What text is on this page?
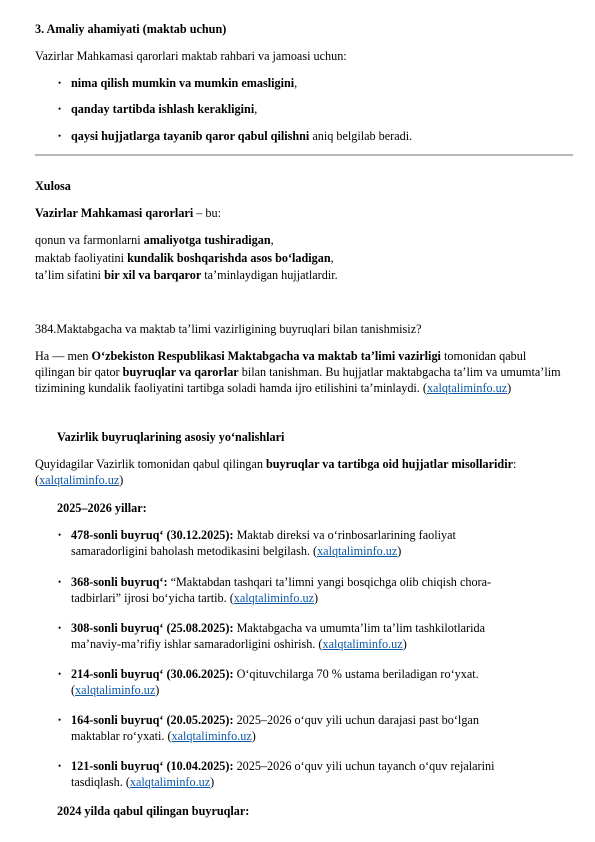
3. Amaliy ahamiyati (maktab uchun)
Vazirlar Mahkamasi qarorlari maktab rahbari va jamoasi uchun:
• nima qilish mumkin va mumkin emasligini,
• qanday tartibda ishlash kerakligini,
• qaysi hujjatlarga tayanib qaror qabul qilishni aniq belgilab beradi.
Xulosa
Vazirlar Mahkamasi qarorlari – bu:
qonun va farmonlarni amaliyotga tushiradigan,
maktab faoliyatini kundalik boshqarishda asos bo‘ladigan,
ta’lim sifatini bir xil va barqaror ta’minlaydigan hujjatlardir.
384.Maktabgacha va maktab ta’limi vazirligining buyruqlari bilan tanishmisiz?
Ha — men O‘zbekiston Respublikasi Maktabgacha va maktab ta’limi vazirligi tomonidan qabul qilingan bir qator buyruqlar va qarorlar bilan tanishman. Bu hujjatlar maktabgacha ta’lim va umumta’lim tizimining kundalik faoliyatini tartibga soladi hamda ijro etilishini ta’minlaydi. (xalqtaliminfo.uz)
Vazirlik buyruqlarining asosiy yo‘nalishlari
Quyidagilar Vazirlik tomonidan qabul qilingan buyruqlar va tartibga oid hujjatlar misollaridir: (xalqtaliminfo.uz)
2025–2026 yillar:
• 478-sonli buyruq‘ (30.12.2025): Maktab direksi va o‘rinbosarlarining faoliyat
samaradorligini baholash metodikasini belgilash. (xalqtaliminfo.uz)
• 368-sonli buyruq‘: “Maktabdan tashqari ta’limni yangi bosqichga olib chiqish chora-
tadbirlari” ijrosi bo‘yicha tartib. (xalqtaliminfo.uz)
• 308-sonli buyruq‘ (25.08.2025): Maktabgacha va umumta’lim ta’lim tashkilotlarida
ma’naviy-ma’rifiy ishlar samaradorligini oshirish. (xalqtaliminfo.uz)
• 214-sonli buyruq‘ (30.06.2025): O‘qituvchilarga 70 % ustama beriladigan ro‘yxat.
(xalqtaliminfo.uz)
• 164-sonli buyruq‘ (20.05.2025): 2025–2026 o‘quv yili uchun darajasi past bo‘lgan
maktablar ro‘yxati. (xalqtaliminfo.uz)
• 121-sonli buyruq‘ (10.04.2025): 2025–2026 o‘quv yili uchun tayanch o‘quv rejalarini
tasdiqlash. (xalqtaliminfo.uz)
2024 yilda qabul qilingan buyruqlar:
